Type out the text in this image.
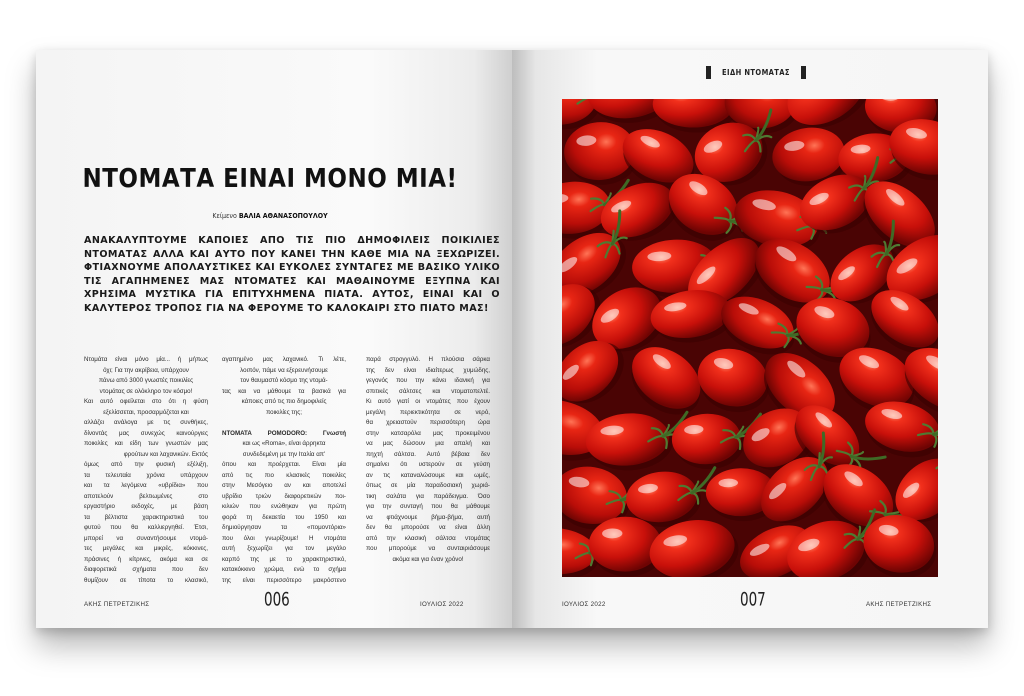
ΝΤΟΜΑΤΑ ΕΙΝΑΙ ΜΟΝΟ ΜΙΑ!
Κείμενο ΒΑΛΙΑ ΑΘΑΝΑΣΟΠΟΥΛΟΥ
ΑΝΑΚΑΛΥΠΤΟΥΜΕ ΚΑΠΟΙΕΣ ΑΠΟ ΤΙΣ ΠΙΟ ΔΗΜΟΦΙΛΕΙΣ ΠΟΙΚΙΛΙΕΣ ΝΤΟΜΑΤΑΣ ΑΛΛΑ ΚΑΙ ΑΥΤΟ ΠΟΥ ΚΑΝΕΙ ΤΗΝ ΚΑΘΕ ΜΙΑ ΝΑ ΞΕΧΩΡΙΖΕΙ. ΦΤΙΑΧΝΟΥΜΕ ΑΠΟΛΑΥΣΤΙΚΕΣ ΚΑΙ ΕΥΚΟΛΕΣ ΣΥΝΤΑΓΕΣ ΜΕ ΒΑΣΙΚΟ ΥΛΙΚΟ ΤΙΣ ΑΓΑΠΗΜΕΝΕΣ ΜΑΣ ΝΤΟΜΑΤΕΣ ΚΑΙ ΜΑΘΑΙΝΟΥΜΕ ΕΞΥΠΝΑ ΚΑΙ ΧΡΗΣΙΜΑ ΜΥΣΤΙΚΑ ΓΙΑ ΕΠΙΤΥΧΗΜΕΝΑ ΠΙΑΤΑ. ΑΥΤΟΣ, ΕΙΝΑΙ ΚΑΙ Ο ΚΑΛΥΤΕΡΟΣ ΤΡΟΠΟΣ ΓΙΑ ΝΑ ΦΕΡΟΥΜΕ ΤΟ ΚΑΛΟΚΑΙΡΙ ΣΤΟ ΠΙΑΤΟ ΜΑΣ!
Ντομάτα είναι μόνο μία... ή μήπως
όχι; Για την ακρίβεια, υπάρχουν
πάνω από 3000 γνωστές ποικιλίες
ντομάτας σε ολόκληρο τον κόσμο!
Και αυτό οφείλεται στο ότι η φύση
εξελίσσεται, προσαρμόζεται και
αλλάζει ανάλογα με τις συνθήκες,
δίνοντάς μας συνεχώς καινούργιες
ποικιλίες και είδη των γνωστών μας
φρούτων και λαχανικών. Εκτός
όμως από την φυσική εξέλιξη,
τα τελευταία χρόνια υπάρχουν
και τα λεγόμενα «υβρίδια» που
αποτελούν βελτιωμένες στο
εργαστήριο εκδοχές, με βάση
τα βέλτιστα χαρακτηριστικά του
φυτού που θα καλλιεργηθεί. Έτσι,
μπορεί να συναντήσουμε ντομά-
τες μεγάλες και μικρές, κόκκινες,
πράσινες ή κίτρινες, ακόμα και σε
διαφορετικά σχήματα που δεν
θυμίζουν σε τίποτα το κλασικό,
αγαπημένο μας λαχανικό. Τι λέτε,
λοιπόν, πάμε να εξερευνήσουμε
τον θαυμαστό κόσμο της ντομά-
τας και να μάθουμε τα βασικά για
κάποιες από τις πιο δημοφιλείς
ποικιλίες της;

ΝΤΟΜΑΤΑ POMODORO: Γνωστή
και ως «Roma», είναι άρρηκτα
συνδεδεμένη με την Ιταλία απ'
όπου και προέρχεται. Είναι μία
από τις πιο κλασικές ποικιλίες
στην Μεσόγειο αν και αποτελεί
υβρίδιο τριών διαφορετικών ποι-
κιλιών που ενώθηκαν για πρώτη
φορά τη δεκαετία του 1950 και
δημιούργησαν τα «πομοντόρια»
που όλοι γνωρίζουμε! Η ντομάτα
αυτή ξεχωρίζει για τον μεγάλο
καρπό της με το χαρακτηριστικό,
κατακόκκινο χρώμα, ενώ το σχήμα
της είναι περισσότερο μακρόστενο
παρά στρογγυλό. Η πλούσια σάρκα
της δεν είναι ιδιαίτερως χυμώδης,
γεγονός που την κάνει ιδανική για
σπιτικές σάλτσες και ντοματοπελτέ.
Κι αυτό γιατί οι ντομάτες που έχουν
μεγάλη περιεκτικότητα σε νερό,
θα χρειαστούν περισσότερη ώρα
στην κατσαρόλα μας προκειμένου
να μας δώσουν μια απαλή και
πηχτή σάλτσα. Αυτό βέβαια δεν
σημαίνει ότι υστερούν σε γεύση
αν τις καταναλώσουμε και ωμές,
όπως σε μία παραδοσιακή χωριά-
τικη σαλάτα για παράδειγμα. Όσο
για την συνταγή που θα μάθουμε
να φτιάχνουμε βήμα-βήμα, αυτή
δεν θα μπορούσε να είναι άλλη
από την κλασική σάλτσα ντομάτας
που μπορούμε να συνταιριάσουμε
ακόμα και για έναν χρόνο!
ΑΚΗΣ ΠΕΤΡΕΤΖΙΚΗΣ	006	ΙΟΥΛΙΟΣ 2022
ΕΙΔΗ ΝΤΟΜΑΤΑΣ
ΙΟΥΛΙΟΣ 2022	007	ΑΚΗΣ ΠΕΤΡΕΤΖΙΚΗΣ
